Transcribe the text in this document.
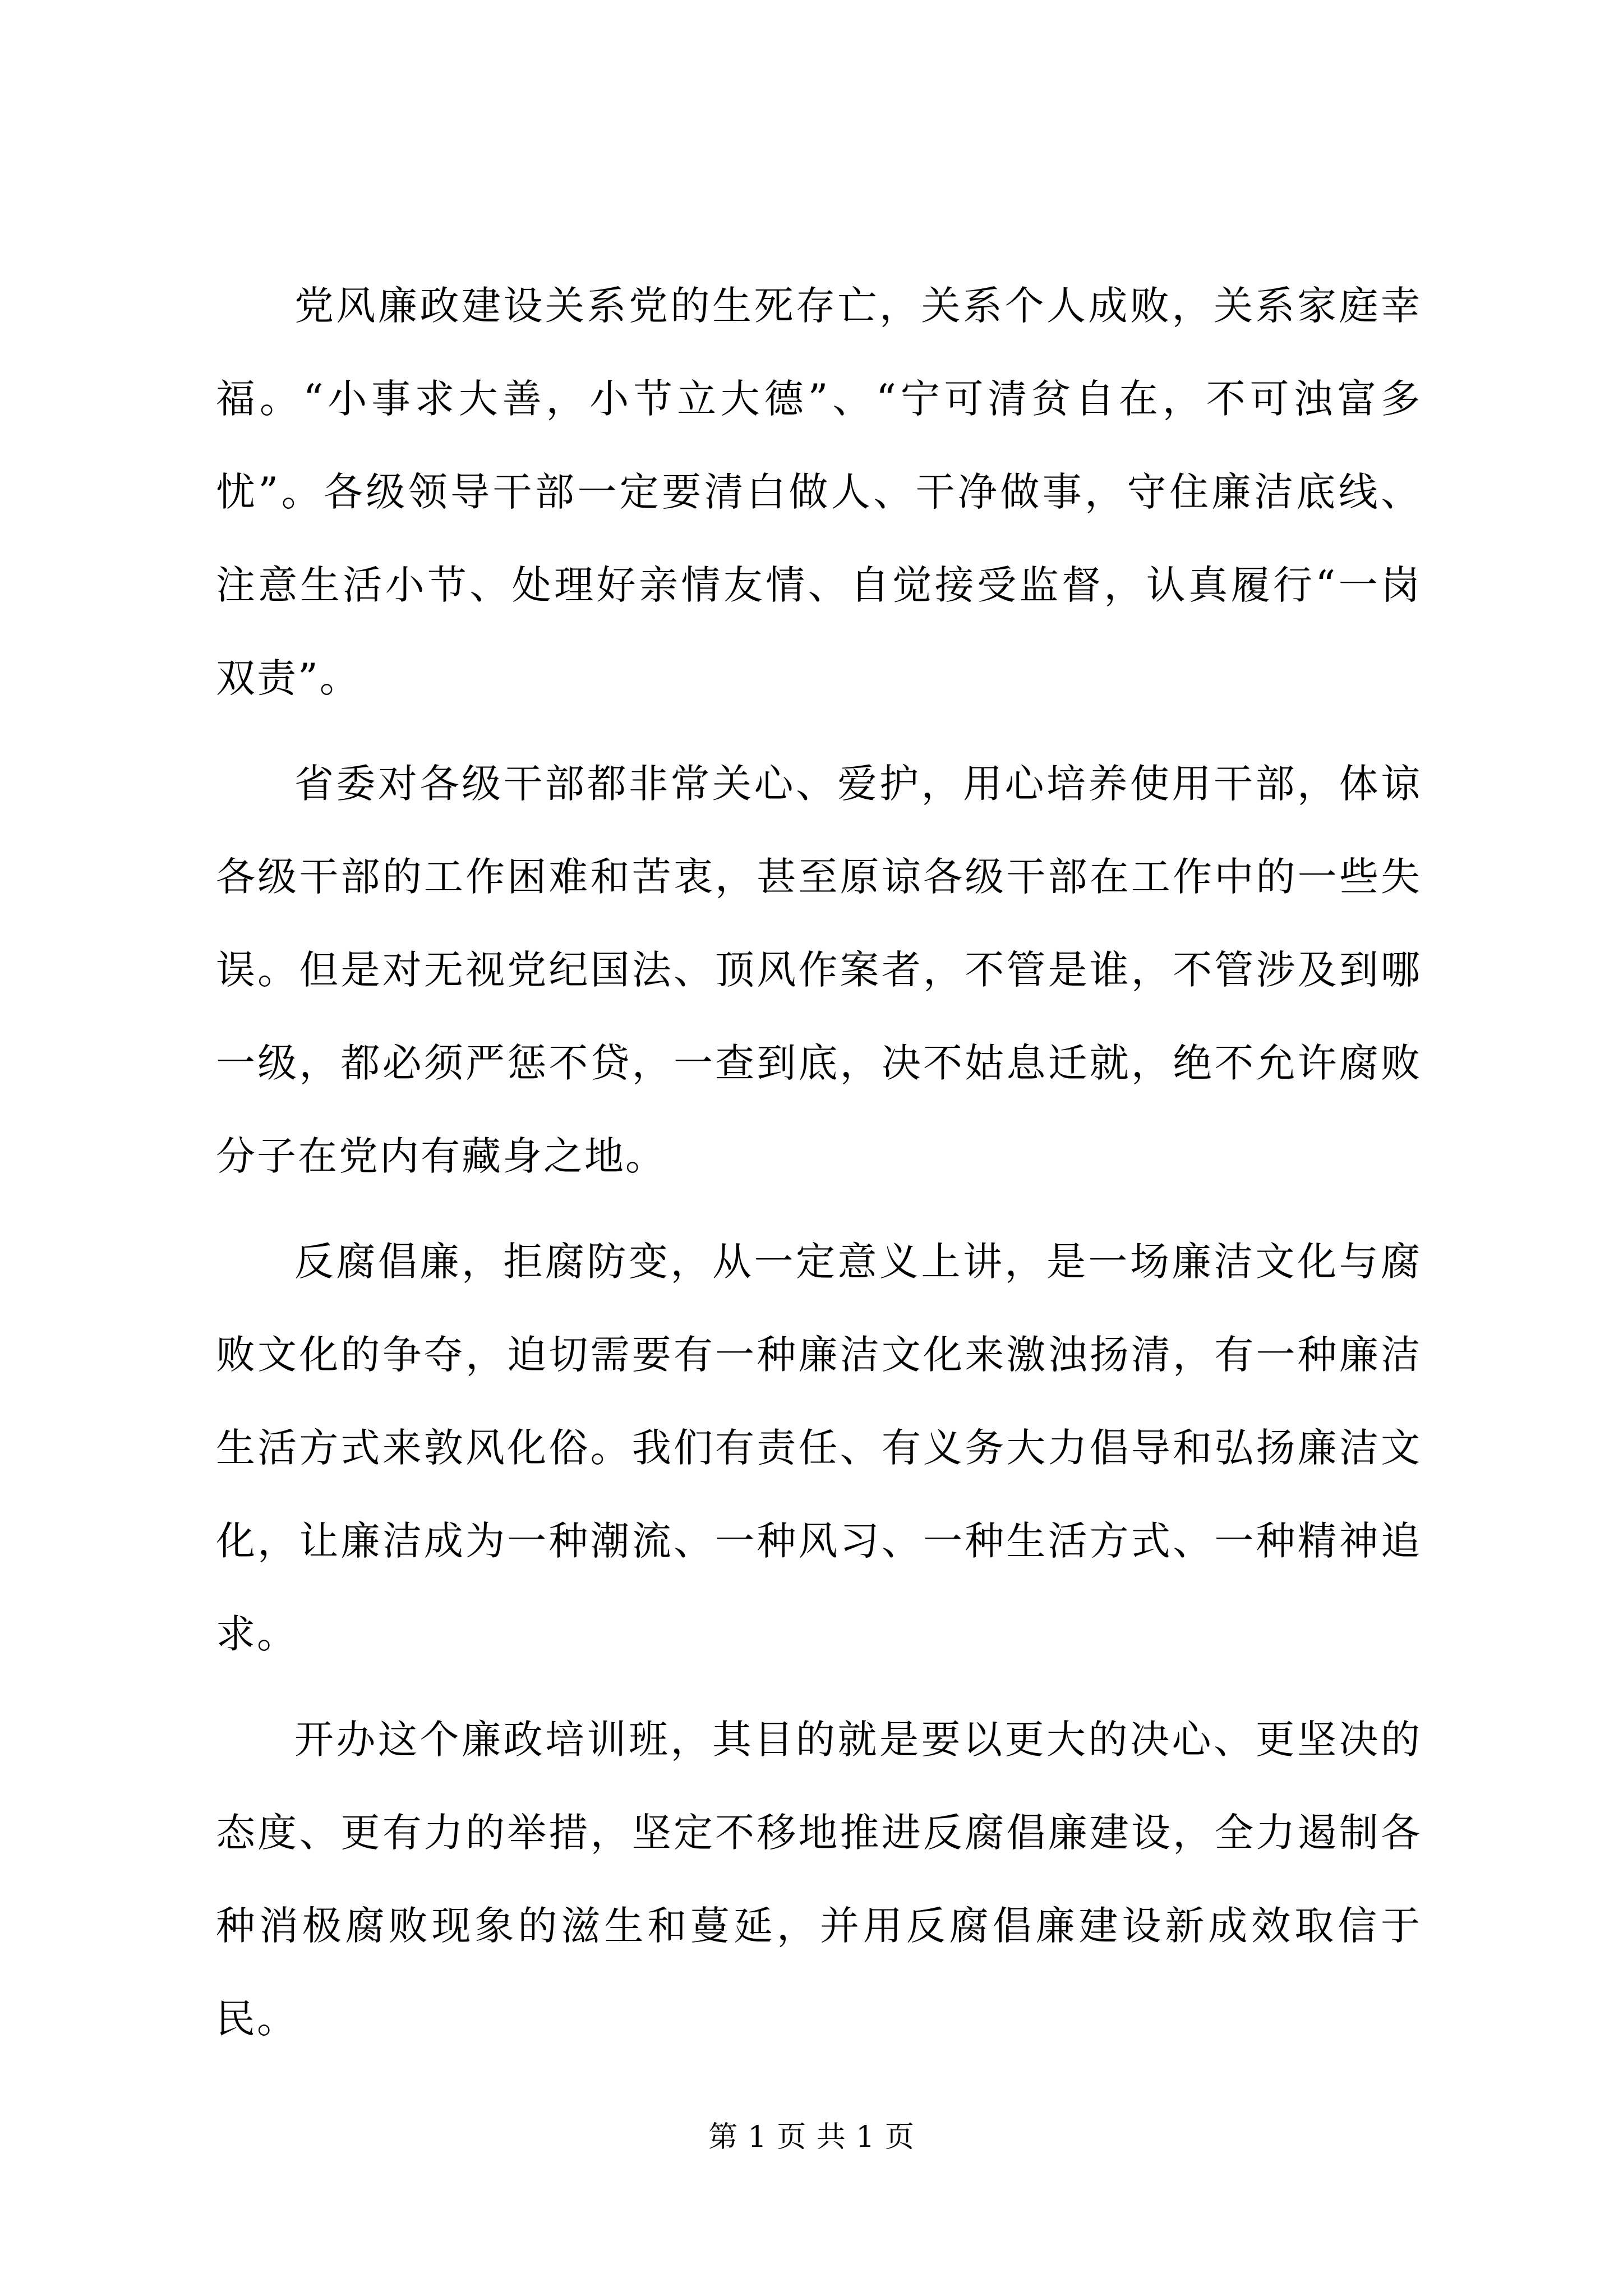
党风廉政建设关系党的生死存亡，关系个人成败，关系家庭幸福。“小事求大善，小节立大德”、“宁可清贫自在，不可浊富多忧”。各级领导干部一定要清白做人、干净做事，守住廉洁底线、注意生活小节、处理好亲情友情、自觉接受监督，认真履行“一岗双责”。

省委对各级干部都非常关心、爱护，用心培养使用干部，体谅各级干部的工作困难和苦衷，甚至原谅各级干部在工作中的一些失误。但是对无视党纪国法、顶风作案者，不管是谁，不管涉及到哪一级，都必须严惩不贷，一查到底，决不姑息迁就，绝不允许腐败分子在党内有藏身之地。

反腐倡廉，拒腐防变，从一定意义上讲，是一场廉洁文化与腐败文化的争夺，迫切需要有一种廉洁文化来激浊扬清，有一种廉洁生活方式来敦风化俗。我们有责任、有义务大力倡导和弘扬廉洁文化，让廉洁成为一种潮流、一种风习、一种生活方式、一种精神追求。

开办这个廉政培训班，其目的就是要以更大的决心、更坚决的态度、更有力的举措，坚定不移地推进反腐倡廉建设，全力遏制各种消极腐败现象的滋生和蔓延，并用反腐倡廉建设新成效取信于民。

第 1 页 共 1 页
